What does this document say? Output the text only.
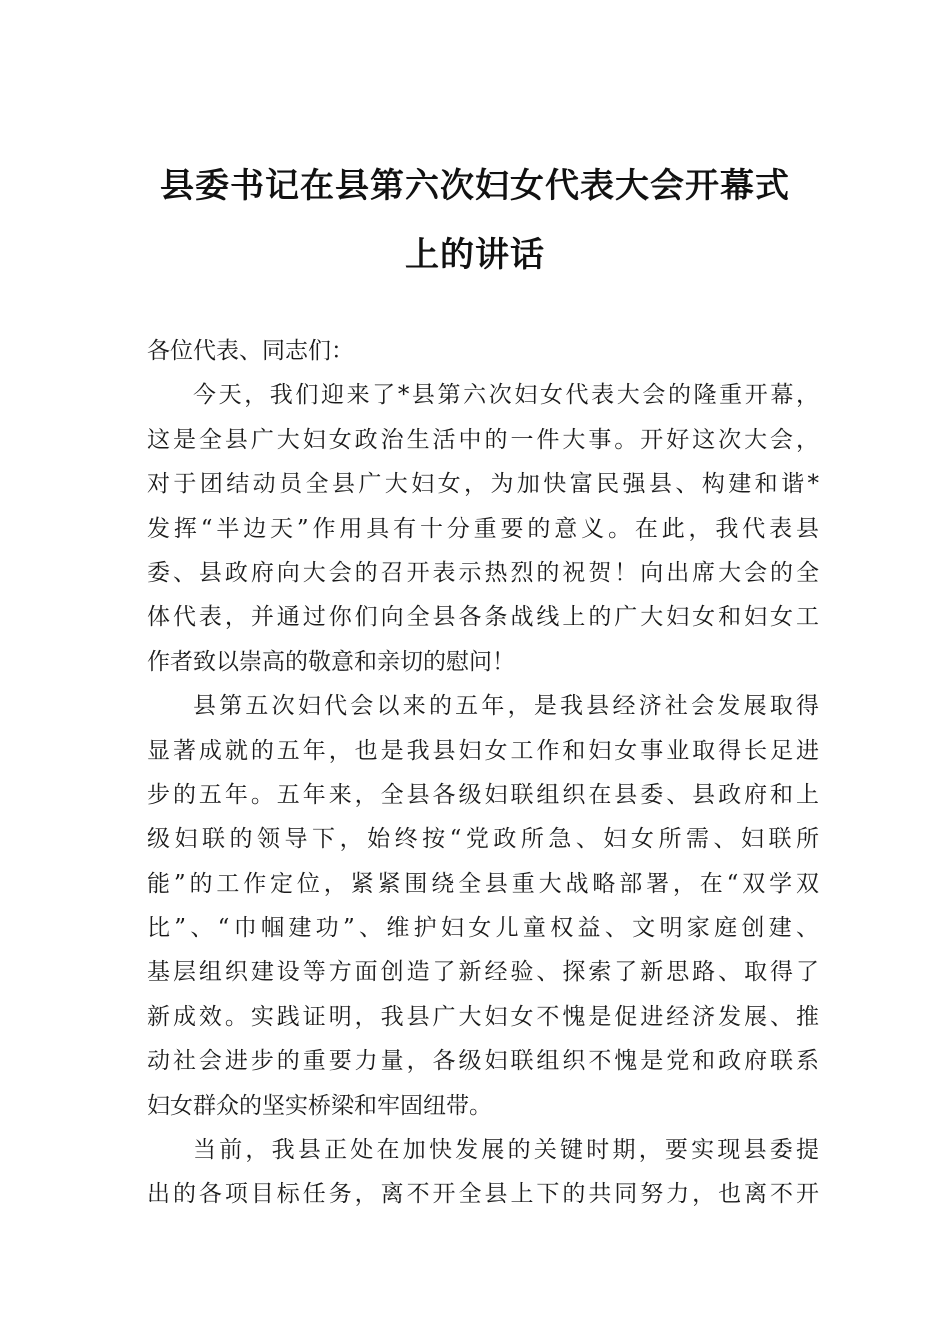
县委书记在县第六次妇女代表大会开幕式
上的讲话
各位代表、同志们：
今天，我们迎来了*县第六次妇女代表大会的隆重开幕，
这是全县广大妇女政治生活中的一件大事。开好这次大会，
对于团结动员全县广大妇女，为加快富民强县、构建和谐*
发挥“半边天”作用具有十分重要的意义。在此，我代表县
委、县政府向大会的召开表示热烈的祝贺！向出席大会的全
体代表，并通过你们向全县各条战线上的广大妇女和妇女工
作者致以崇高的敬意和亲切的慰问！
县第五次妇代会以来的五年，是我县经济社会发展取得
显著成就的五年，也是我县妇女工作和妇女事业取得长足进
步的五年。五年来，全县各级妇联组织在县委、县政府和上
级妇联的领导下，始终按“党政所急、妇女所需、妇联所
能”的工作定位，紧紧围绕全县重大战略部署，在“双学双
比”、“巾帼建功”、维护妇女儿童权益、文明家庭创建、
基层组织建设等方面创造了新经验、探索了新思路、取得了
新成效。实践证明，我县广大妇女不愧是促进经济发展、推
动社会进步的重要力量，各级妇联组织不愧是党和政府联系
妇女群众的坚实桥梁和牢固纽带。
当前，我县正处在加快发展的关键时期，要实现县委提
出的各项目标任务，离不开全县上下的共同努力，也离不开
